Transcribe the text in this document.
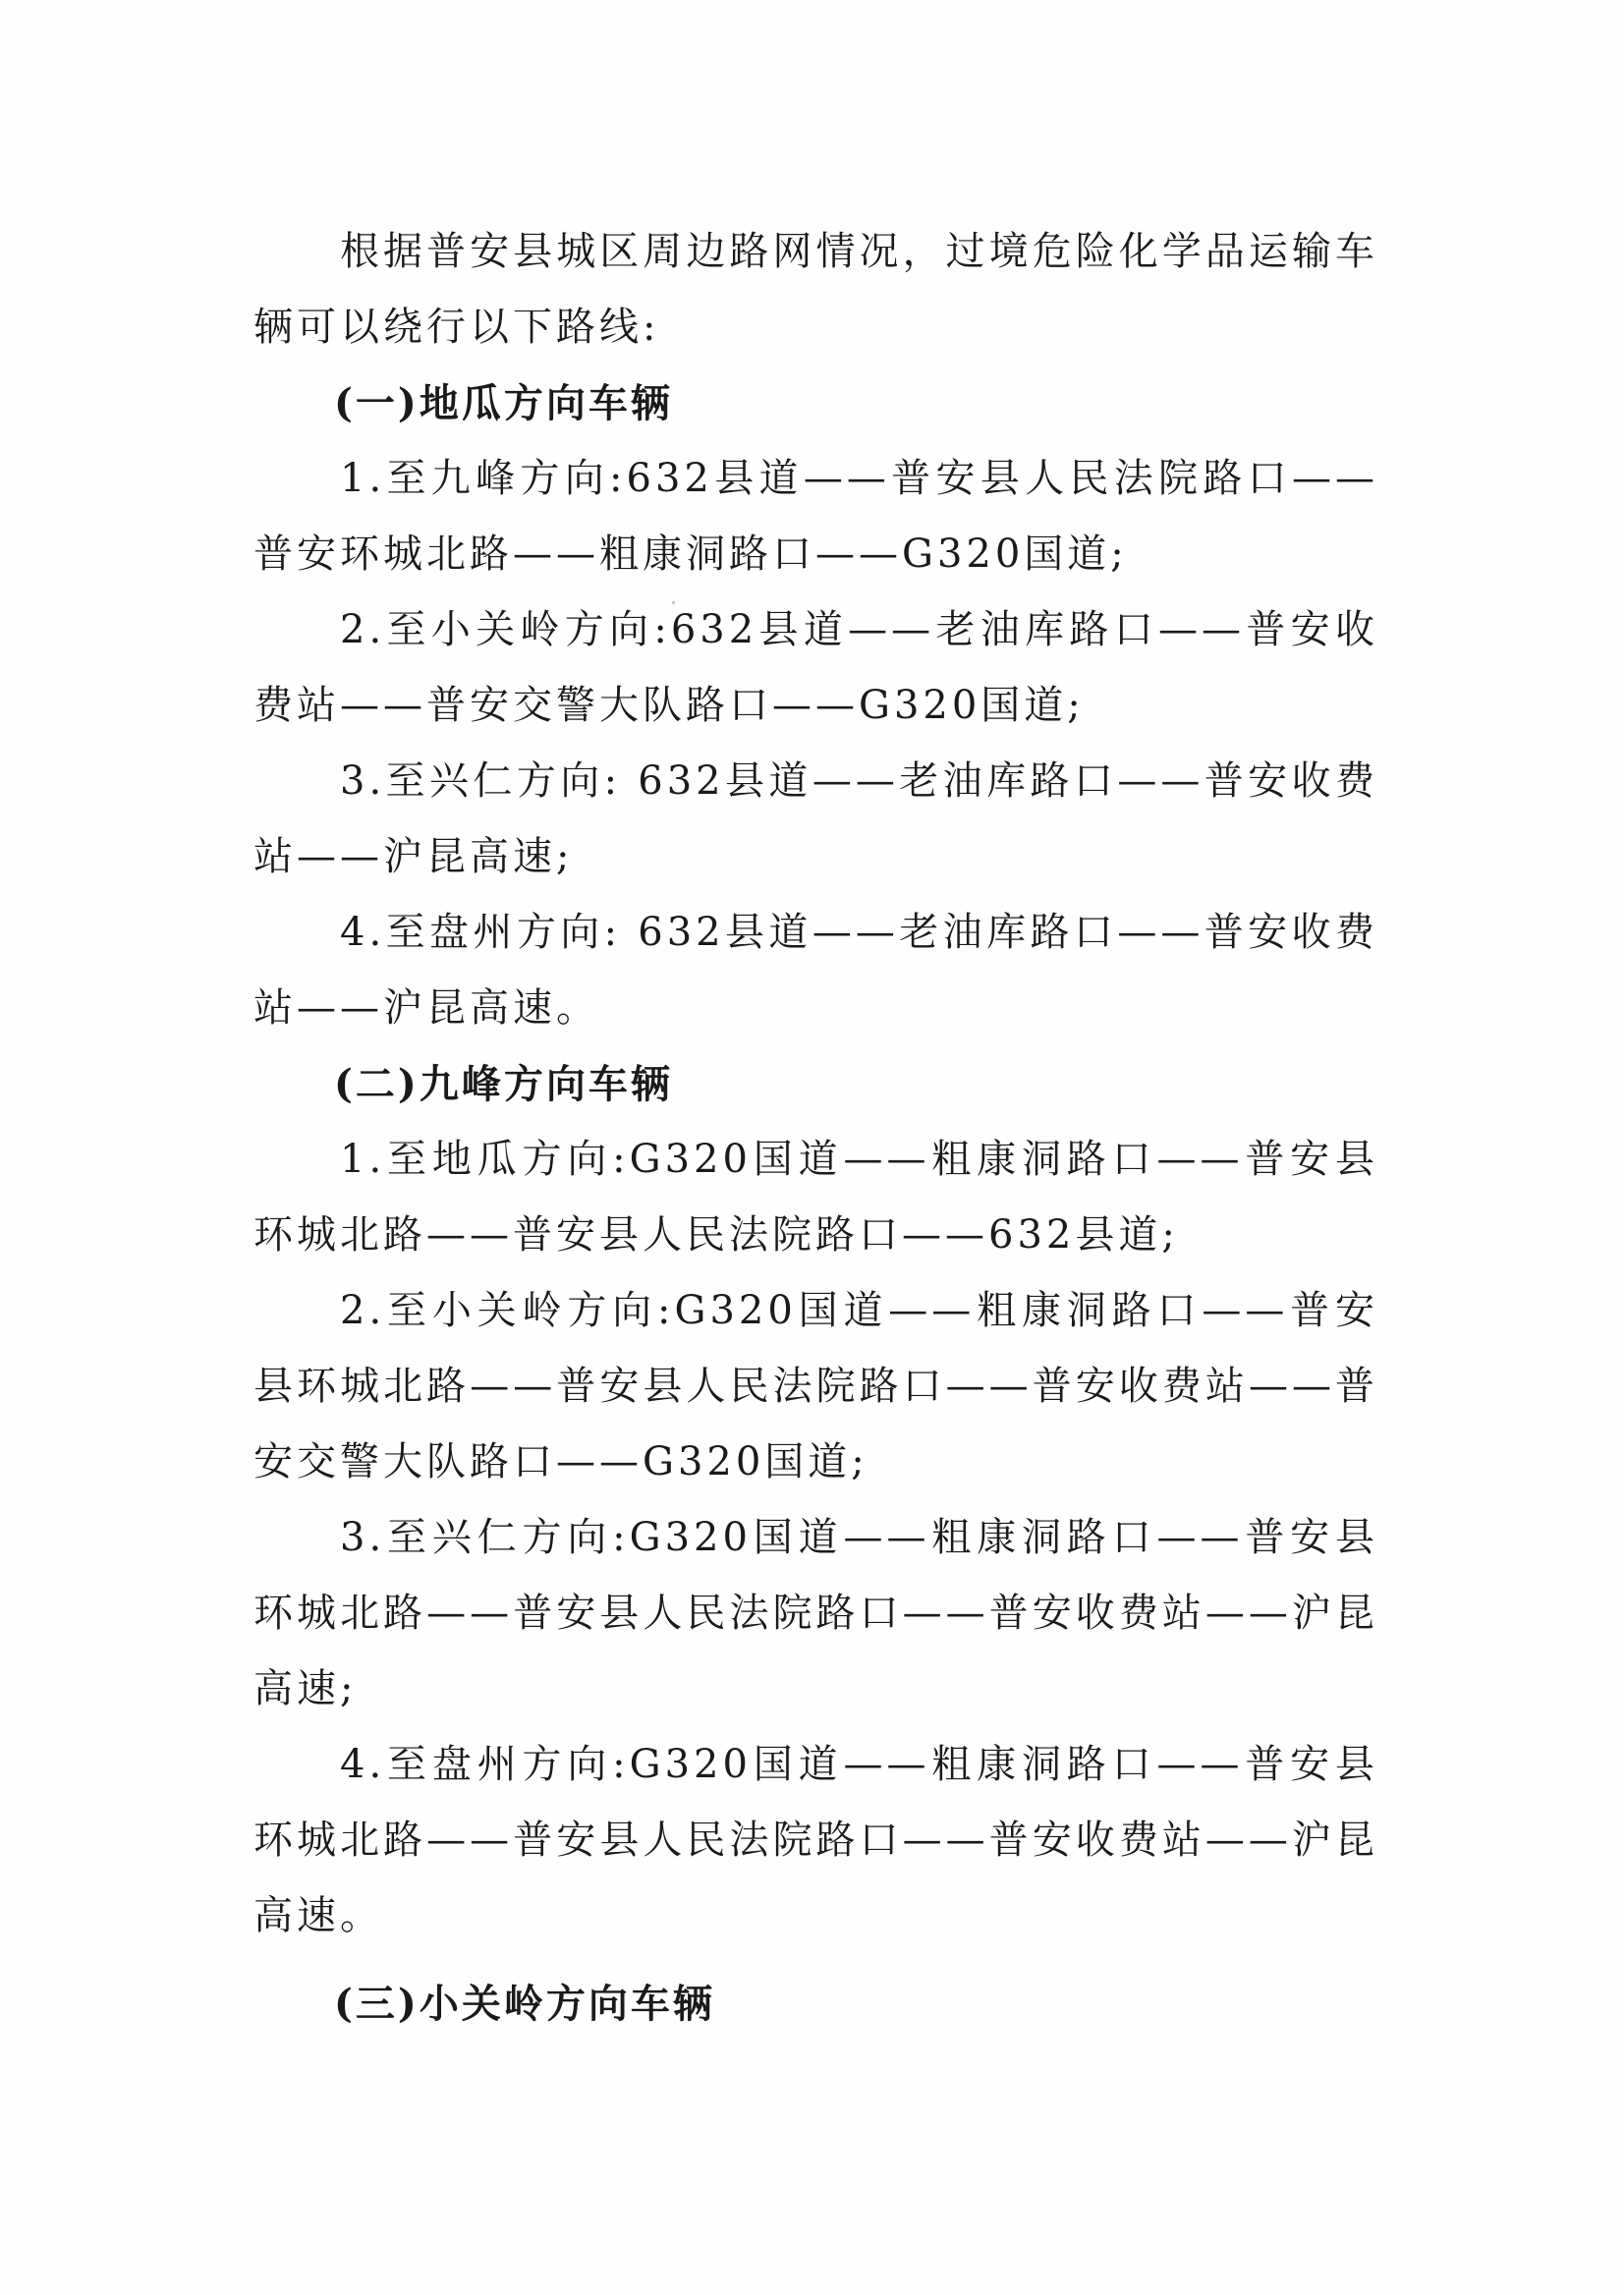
根据普安县城区周边路网情况，过境危险化学品运输车辆可以绕行以下路线:

(一)地瓜方向车辆

1.至九峰方向:632县道——普安县人民法院路口——普安环城北路——粗康洞路口——G320国道;

2.至小关岭方向:632县道——老油库路口——普安收费站——普安交警大队路口——G320国道;

3.至兴仁方向: 632县道——老油库路口——普安收费站——沪昆高速;

4.至盘州方向: 632县道——老油库路口——普安收费站——沪昆高速。

(二)九峰方向车辆

1.至地瓜方向:G320国道——粗康洞路口——普安县环城北路——普安县人民法院路口——632县道;

2.至小关岭方向:G320国道——粗康洞路口——普安县环城北路——普安县人民法院路口——普安收费站——普安交警大队路口——G320国道;

3.至兴仁方向:G320国道——粗康洞路口——普安县环城北路——普安县人民法院路口——普安收费站——沪昆高速;

4.至盘州方向:G320国道——粗康洞路口——普安县环城北路——普安县人民法院路口——普安收费站——沪昆高速。

(三)小关岭方向车辆
